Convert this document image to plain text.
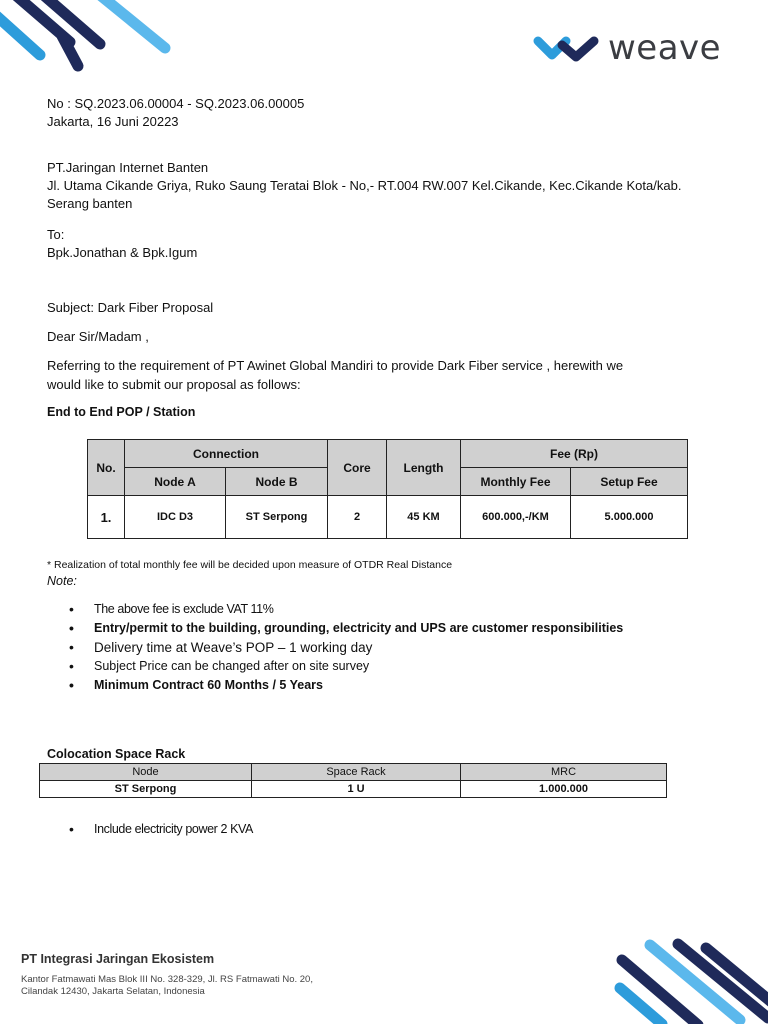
weave
No : SQ.2023.06.00004 - SQ.2023.06.00005
Jakarta, 16 Juni 20223
PT.Jaringan Internet Banten
Jl. Utama Cikande Griya, Ruko Saung Teratai Blok - No,- RT.004 RW.007 Kel.Cikande, Kec.Cikande Kota/kab.
Serang banten
To:
Bpk.Jonathan & Bpk.Igum
Subject: Dark Fiber Proposal
Dear Sir/Madam ,
Referring to the requirement of PT Awinet Global Mandiri to provide Dark Fiber service , herewith we
would like to submit our proposal as follows:
End to End POP / Station
No.	Connection		Core	Length	Fee (Rp)	
	Node A	Node B			Monthly Fee	Setup Fee
1.	IDC D3	ST Serpong	2	45 KM	600.000,-/KM	5.000.000
* Realization of total monthly fee will be decided upon measure of OTDR Real Distance
Note:
• The above fee is exclude VAT 11%
• Entry/permit to the building, grounding, electricity and UPS are customer responsibilities
• Delivery time at Weave’s POP – 1 working day
• Subject Price can be changed after on site survey
• Minimum Contract 60 Months / 5 Years
Colocation Space Rack
Node	Space Rack	MRC
ST Serpong	1 U	1.000.000
• Include electricity power 2 KVA
PT Integrasi Jaringan Ekosistem
Kantor Fatmawati Mas Blok III No. 328-329, Jl. RS Fatmawati No. 20,
Cilandak 12430, Jakarta Selatan, Indonesia
